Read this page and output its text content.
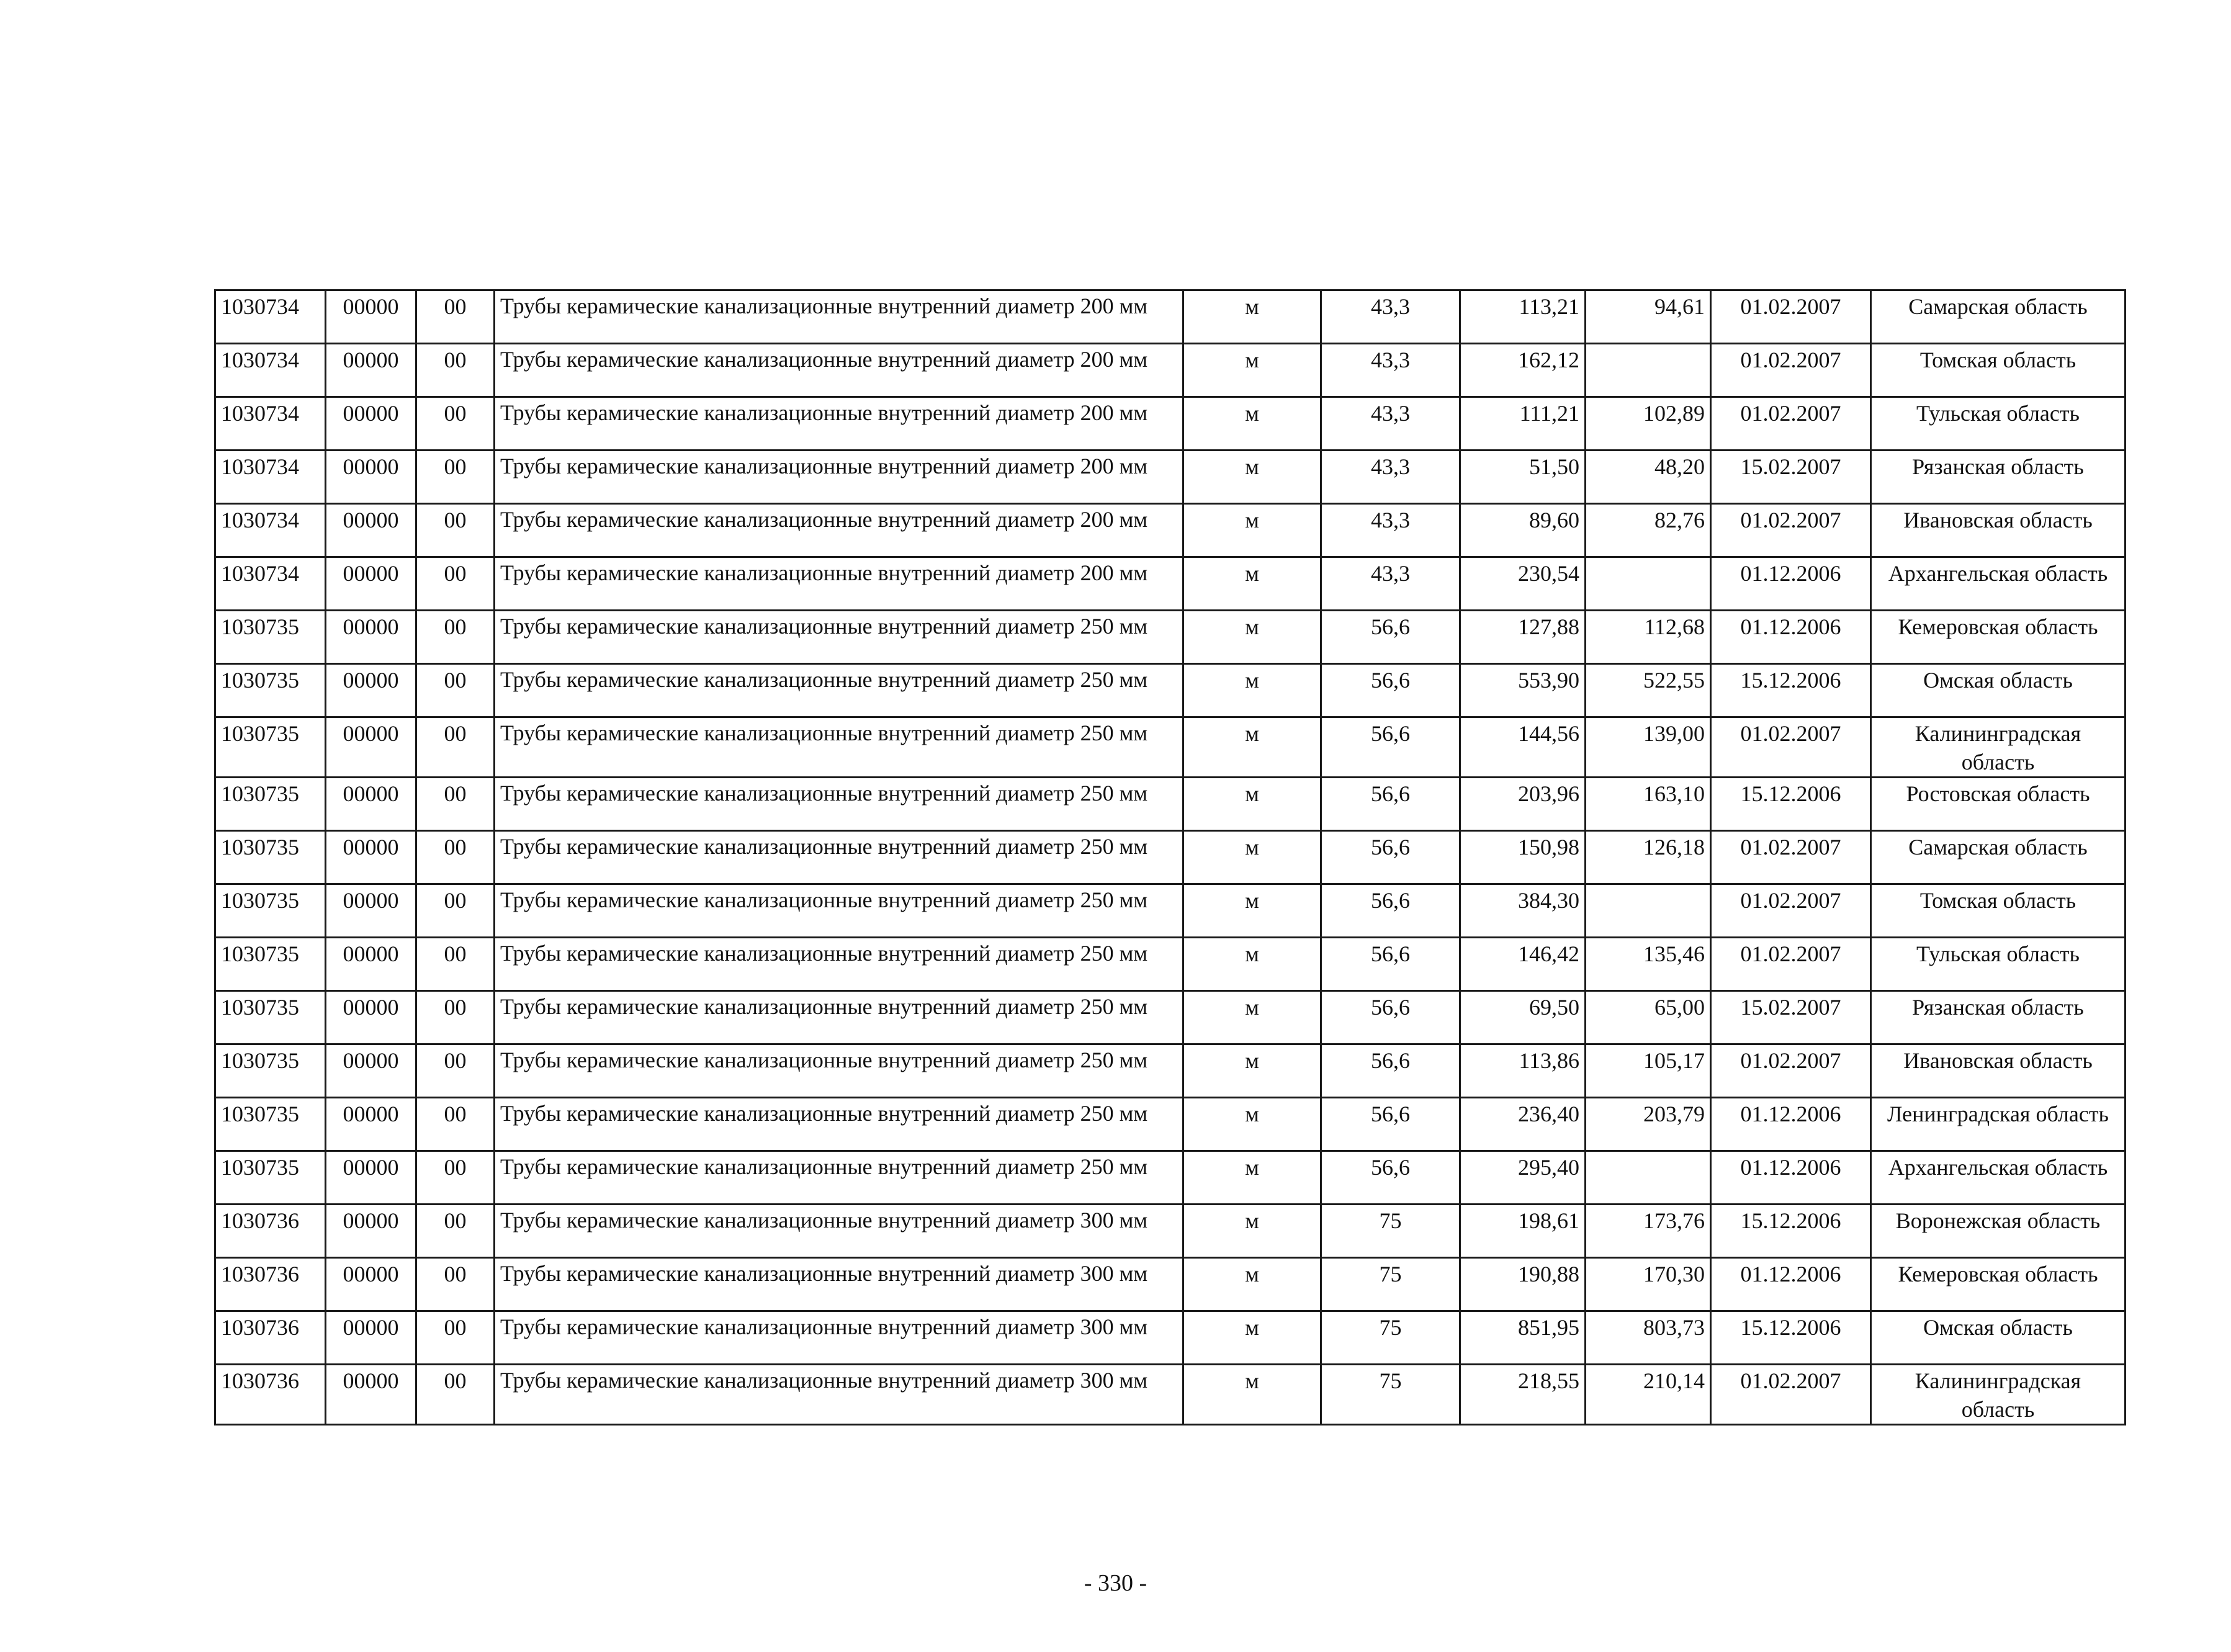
1030734	00000	00	Трубы керамические канализационные внутренний диаметр 200 мм	м	43,3	113,21	94,61	01.02.2007	Самарская область
1030734	00000	00	Трубы керамические канализационные внутренний диаметр 200 мм	м	43,3	162,12		01.02.2007	Томская область
1030734	00000	00	Трубы керамические канализационные внутренний диаметр 200 мм	м	43,3	111,21	102,89	01.02.2007	Тульская область
1030734	00000	00	Трубы керамические канализационные внутренний диаметр 200 мм	м	43,3	51,50	48,20	15.02.2007	Рязанская область
1030734	00000	00	Трубы керамические канализационные внутренний диаметр 200 мм	м	43,3	89,60	82,76	01.02.2007	Ивановская область
1030734	00000	00	Трубы керамические канализационные внутренний диаметр 200 мм	м	43,3	230,54		01.12.2006	Архангельская область
1030735	00000	00	Трубы керамические канализационные внутренний диаметр 250 мм	м	56,6	127,88	112,68	01.12.2006	Кемеровская область
1030735	00000	00	Трубы керамические канализационные внутренний диаметр 250 мм	м	56,6	553,90	522,55	15.12.2006	Омская область
1030735	00000	00	Трубы керамические канализационные внутренний диаметр 250 мм	м	56,6	144,56	139,00	01.02.2007	Калининградская область
1030735	00000	00	Трубы керамические канализационные внутренний диаметр 250 мм	м	56,6	203,96	163,10	15.12.2006	Ростовская область
1030735	00000	00	Трубы керамические канализационные внутренний диаметр 250 мм	м	56,6	150,98	126,18	01.02.2007	Самарская область
1030735	00000	00	Трубы керамические канализационные внутренний диаметр 250 мм	м	56,6	384,30		01.02.2007	Томская область
1030735	00000	00	Трубы керамические канализационные внутренний диаметр 250 мм	м	56,6	146,42	135,46	01.02.2007	Тульская область
1030735	00000	00	Трубы керамические канализационные внутренний диаметр 250 мм	м	56,6	69,50	65,00	15.02.2007	Рязанская область
1030735	00000	00	Трубы керамические канализационные внутренний диаметр 250 мм	м	56,6	113,86	105,17	01.02.2007	Ивановская область
1030735	00000	00	Трубы керамические канализационные внутренний диаметр 250 мм	м	56,6	236,40	203,79	01.12.2006	Ленинградская область
1030735	00000	00	Трубы керамические канализационные внутренний диаметр 250 мм	м	56,6	295,40		01.12.2006	Архангельская область
1030736	00000	00	Трубы керамические канализационные внутренний диаметр 300 мм	м	75	198,61	173,76	15.12.2006	Воронежская область
1030736	00000	00	Трубы керамические канализационные внутренний диаметр 300 мм	м	75	190,88	170,30	01.12.2006	Кемеровская область
1030736	00000	00	Трубы керамические канализационные внутренний диаметр 300 мм	м	75	851,95	803,73	15.12.2006	Омская область
1030736	00000	00	Трубы керамические канализационные внутренний диаметр 300 мм	м	75	218,55	210,14	01.02.2007	Калининградская область
- 330 -
